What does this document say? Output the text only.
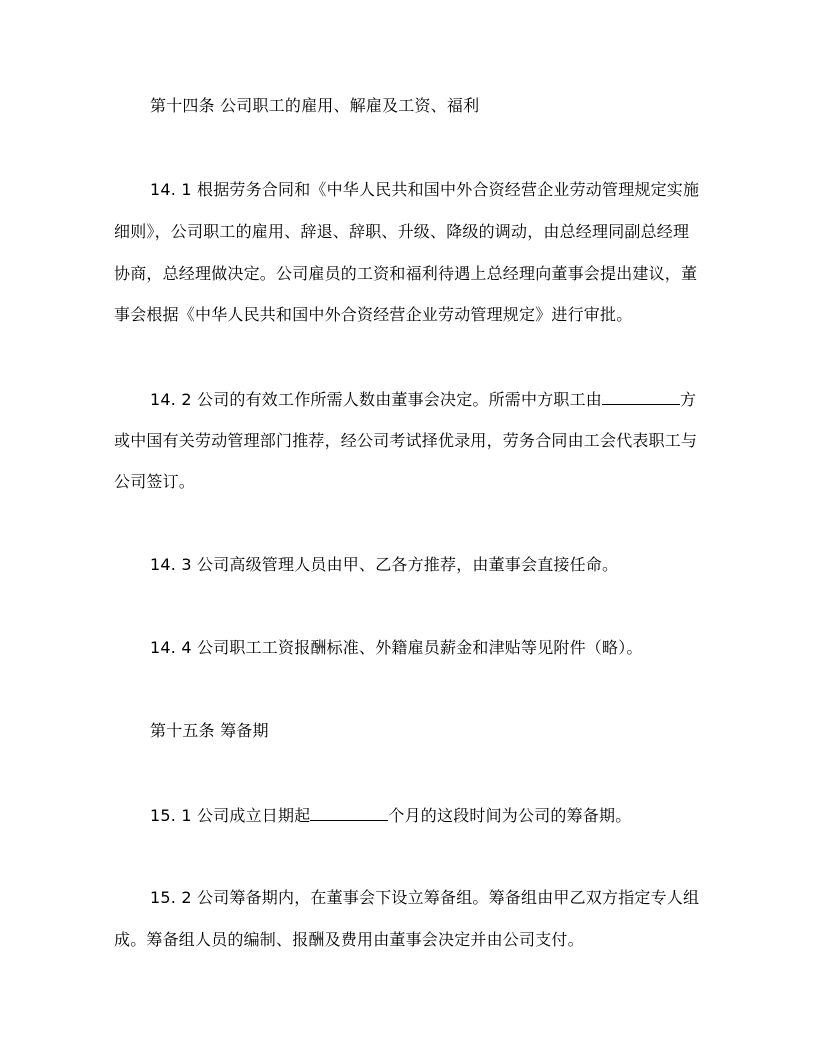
第十四条 公司职工的雇用、解雇及工资、福利
14. 1 根据劳务合同和《中华人民共和国中外合资经营企业劳动管理规定实施
细则》，公司职工的雇用、辞退、辞职、升级、降级的调动，由总经理同副总经理
协商，总经理做决定。公司雇员的工资和福利待遇上总经理向董事会提出建议，董
事会根据《中华人民共和国中外合资经营企业劳动管理规定》进行审批。
14. 2 公司的有效工作所需人数由董事会决定。所需中方职工由	方
或中国有关劳动管理部门推荐，经公司考试择优录用，劳务合同由工会代表职工与
公司签订。
14. 3 公司高级管理人员由甲、乙各方推荐，由董事会直接任命。
14. 4 公司职工工资报酬标准、外籍雇员薪金和津贴等见附件（略）。
第十五条 筹备期
15. 1 公司成立日期起	个月的这段时间为公司的筹备期。
15. 2 公司筹备期内，在董事会下设立筹备组。筹备组由甲乙双方指定专人组
成。筹备组人员的编制、报酬及费用由董事会决定并由公司支付。
